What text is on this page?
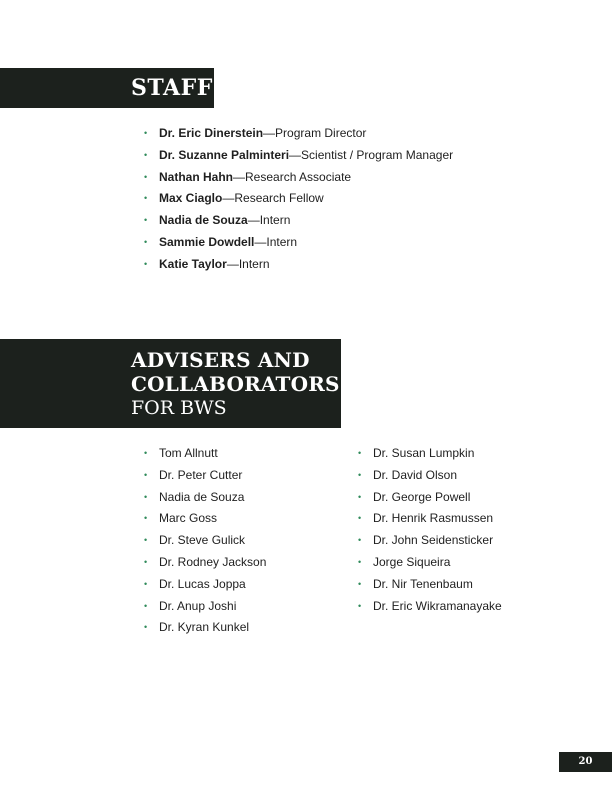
STAFF
• Dr. Eric Dinerstein—Program Director
• Dr. Suzanne Palminteri—Scientist / Program Manager
• Nathan Hahn—Research Associate
• Max Ciaglo—Research Fellow
• Nadia de Souza—Intern
• Sammie Dowdell—Intern
• Katie Taylor—Intern
ADVISERS AND
COLLABORATORS
FOR BWS
• Tom Allnutt
• Dr. Peter Cutter
• Nadia de Souza
• Marc Goss
• Dr. Steve Gulick
• Dr. Rodney Jackson
• Dr. Lucas Joppa
• Dr. Anup Joshi
• Dr. Kyran Kunkel
• Dr. Susan Lumpkin
• Dr. David Olson
• Dr. George Powell
• Dr. Henrik Rasmussen
• Dr. John Seidensticker
• Jorge Siqueira
• Dr. Nir Tenenbaum
• Dr. Eric Wikramanayake
20
